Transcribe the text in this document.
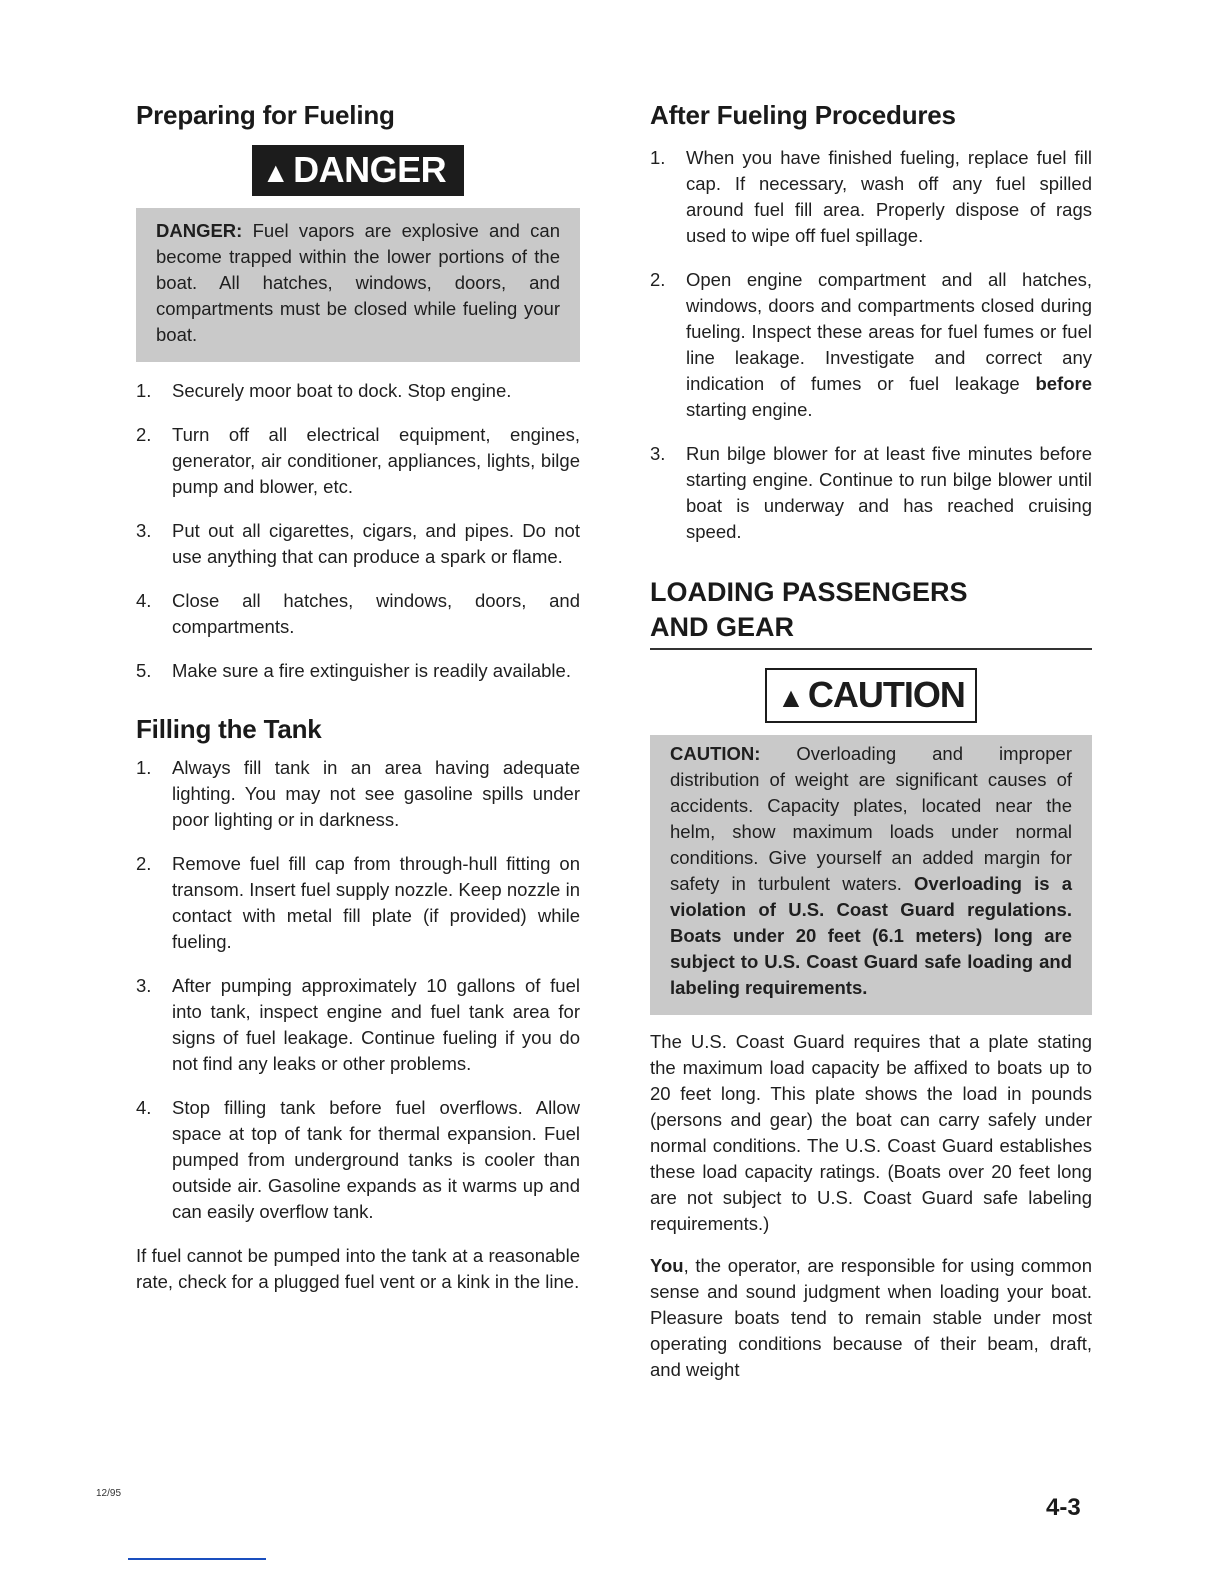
Preparing for Fueling
▲ DANGER

DANGER: Fuel vapors are explosive and can become trapped within the lower portions of the boat. All hatches, windows, doors, and compartments must be closed while fueling your boat.

1. Securely moor boat to dock. Stop engine.
2. Turn off all electrical equipment, engines, generator, air conditioner, appliances, lights, bilge pump and blower, etc.
3. Put out all cigarettes, cigars, and pipes. Do not use anything that can produce a spark or flame.
4. Close all hatches, windows, doors, and compartments.
5. Make sure a fire extinguisher is readily available.
Filling the Tank
1. Always fill tank in an area having adequate lighting. You may not see gasoline spills under poor lighting or in darkness.
2. Remove fuel fill cap from through-hull fitting on transom. Insert fuel supply nozzle. Keep nozzle in contact with metal fill plate (if provided) while fueling.
3. After pumping approximately 10 gallons of fuel into tank, inspect engine and fuel tank area for signs of fuel leakage. Continue fueling if you do not find any leaks or other problems.
4. Stop filling tank before fuel overflows. Allow space at top of tank for thermal expansion. Fuel pumped from underground tanks is cooler than outside air. Gasoline expands as it warms up and can easily overflow tank.

If fuel cannot be pumped into the tank at a reasonable rate, check for a plugged fuel vent or a kink in the line.

After Fueling Procedures
1. When you have finished fueling, replace fuel fill cap. If necessary, wash off any fuel spilled around fuel fill area. Properly dispose of rags used to wipe off fuel spillage.
2. Open engine compartment and all hatches, windows, doors and compartments closed during fueling. Inspect these areas for fuel fumes or fuel line leakage. Investigate and correct any indication of fumes or fuel leakage before starting engine.
3. Run bilge blower for at least five minutes before starting engine. Continue to run bilge blower until boat is underway and has reached cruising speed.
LOADING PASSENGERS
AND GEAR
▲ CAUTION

CAUTION: Overloading and improper distribution of weight are significant causes of accidents. Capacity plates, located near the helm, show maximum loads under normal conditions. Give yourself an added margin for safety in turbulent waters. Overloading is a violation of U.S. Coast Guard regulations. Boats under 20 feet (6.1 meters) long are subject to U.S. Coast Guard safe loading and labeling requirements.

The U.S. Coast Guard requires that a plate stating the maximum load capacity be affixed to boats up to 20 feet long. This plate shows the load in pounds (persons and gear) the boat can carry safely under normal conditions. The U.S. Coast Guard establishes these load capacity ratings. (Boats over 20 feet long are not subject to U.S. Coast Guard safe labeling requirements.)

You, the operator, are responsible for using common sense and sound judgment when loading your boat. Pleasure boats tend to remain stable under most operating conditions because of their beam, draft, and weight

12/95
4-3
